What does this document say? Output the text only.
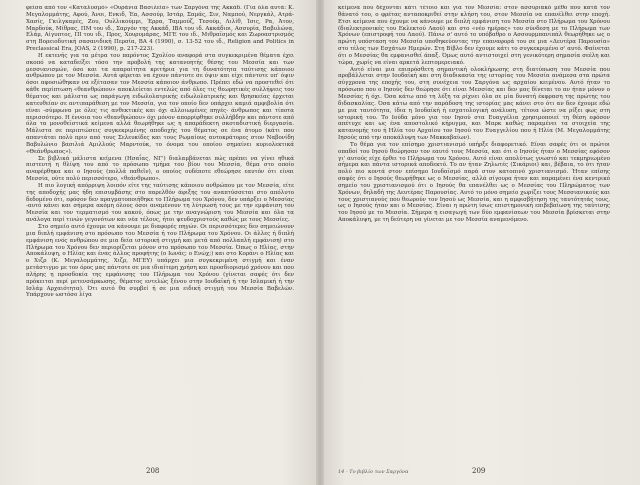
φείσα από τον «Καταλυσμό» «Ουράνια Βασιλεία» των Σαργόνα της Ακκάδ. (Για όλα αυτά: Κ. Μεγαλομμάτης, Αφού, Άνοι, Ενκιδ, Έα, Ασσούρ, Ιστάρ, Σαμάς, Σιν, Ναμπού, Νεργκάλ, Ατρά-Χασίς, Γκιλγκαμές, Ζου, Ουλλικούμμι, Έρρα, Ταμμούζ, Τεσούμ, Λιλίθ, Ίσις, Ρα, Άτον, Μαρδούκ, Μίθρας, ΠΜ του ιδ., Σαργόν της Ακκάδ, ΙΒΑ του ιδ. Ακκάδιοι, Ασσυρία, Βαβυλώνα, Ελάμ, Αίγυπτος, ΠΙ του ιδ., Προς, Χουρυμάρας, ΜΓΕ του ιδ., Μιθραϊσμός και Ζωροαστρισμός στη Βορειοδυτική σασανιδική Περσία, BA 4 (1990), σ. 13-52 του ιδ., Religion and Politics in Preclassical Era, JOAS, 2 (1990), p. 217-223).

Η εκτενής για τα μέτρα του παρόντος Σχολίου αναφορά στα συγκεκριμένα θέματα έχει σκοπό να καταδείξει τόσο την προβολή της κατανοητής θέσης του Μεσσία και των μεσσιανισμών, όσο και τα απαραίτητα κριτήρια για τη δυνατότητα ταύτισης κάποιου ανθρώπου με τον Μεσσία. Αυτά φέρεται να έχουν πάντοτε σε όψιν και είχε πάντοτε υπ' όψιν όσοι αφοσιώθηκαν να εξέτασαν τον Μεσσία κάποιον άνθρωπο. Πρέπει εδώ να προστεθεί ότι κάθε περίπτωση «θεανθρώπου» αποκλείεται εντελώς από όλες τις θεωρητικές συλλήψεις του θέματος και μάλιστα ως παράγωγη ειδωλολατρικής ειδωλολατρικής και θρησκείας έρχεται κατευθείαν σε αντιπαράθεση με τον Μεσσία, για τον οποίο δεν υπάρχει καμιά αμφιβολία ότι είναι -σύμφωνα με όλες τις ανθεκτικές και όχι αλλοιωμένες πηγές- άνθρωπος και τίποτα περισσότερο. Η έννοια του «θεανθρώπου» όχι μόνον απορρίφθηκε συλλήβδην και πάντοτε από όλα τα μονοθεϊστικά κείμενα αλλά θεωρήθηκε ως η απαράδεκτη σκοταδιστική διεργασία. Μάλιστα σε περιπτώσεις συγκεκριμένης αποδοχής του θέματος σε ένα άτομο (κάτι που απαντάται πολύ πριν από τους Σελευκίδες και τους Ρωμαίους αυτοκράτορες στον Ναβονίδη Βαβυλώνιο βασιλιά Αμιλλούς Μαρντούκ, το όνομα του οποίου σημαίνει κυριολεκτικά «Θεάνθρωπος»).

Σε βιβλικά μάλιστα κείμενα (Ησαΐας, ΝΓ') διαλαμβάνεται πώς πρέπει να γίνει ηθικά πιστευτή η θλίψη του από το πρόσωπο τμήμα του βίου του Μεσσία, θέμα στο οποίο αναφέρθηκα και ο Ιησούς (πολλά παθεῖν), ο οποίος ουδέποτε εθεώρησε εαυτόν ότι είναι Μεσσία, ούτε πολύ περισσότερο, «θεάνθρωπο».

Η πιο λογική απόρριψη λοιπόν είτε της ταύτισης κάποιου ανθρώπου με τον Μεσσία, είτε της αποδοχής μας ήδη επισυμβάσης στο παρελθόν άφιξης του αναπτύσσεται στο απόλυτο δεδομένο ότι, εφόσον δεν πραγματοποιήθηκε το Πλήρωμα του Χρόνου, δεν υπάρξει ο Μεσσίας -αυτό κάνει και σήμερα ακόμη όλους όσοι αναμένουν τη λύτρωσή τους με την εμφάνιση του Μεσσία και τον τερματισμό του κακού, όπως με την αναγνώριση του Μεσσία και όλα τα ανάλογα περί τινών γεγονότων και νέα τέλους, ήτοι ψευδοχριστούς καθώς με τους Μεσσίες.

Στο σημείο αυτό έχουμε να κάνουμε με διαφορές πηγών. Οι περισσότερες δεν σημειώνουν μια διπλή εμφάνιση στο πρόσωπο του Μεσσία ή του Πλήρωμα του Χρόνου. Οι άλλες ή διπλή εμφάνιση ενός ανθρώπου σε μια δεία ιστορική στιγμή και μετά από πολλαπλή εμφάνιση) στο Πλήρωμα του Χρόνου δεν περιορίζεται μόνον στο πρόσωπο του Μεσσία. Όπως ο Ηλίας, στην Αποκάλυψη, ο Ηλίας και ένας άλλος προφήτης (ο Ιωνάς; ο Ενώχ;) και στο Κοράνι ο Ηλίας και ο Χιζρ (Κ. Μεγαλομμάτης, Χιζρ, ΜΓΕΥ) υπάρχει μια συγκεκριμένη στιγμή και έναν μετάστιγμο με τον όρος μας πάντοτε σε μια ιδιαίτερη χρήση και προσδιορισμό χρόνου και που πλήρης η προσδοκία της εμφάνισης του Πλήρωμα του Χρόνου (γίνεται σαφές ότι δεν πρόκειται περί μετενσάρκωσης, θέματος εντελώς ξένου στην Ιουδαϊκή ή την Ισλαμική ή την Ισλάμ Αρχαιότητα). Ότι αυτό θα συμβεί ή σε μια ειδική στιγμή του Μεσσία Βαβελών. Υπάρχουν ωστόσο λίγα

208

κείμενα που δέχονται κάτι τέτοιο και για τον Μεσσία: στον ασσυριακό μέθο που κατά τον θάνατό του, ο φρέτας ανταποκριθεί στην κλήση του, στον Μεσσία να επανέλθει στην εποχή. Ετσι κείμενα που έχουμε να κάνουμε με διπλή εμφάνιση του Μεσσία στο Πλήρωμα του Χρόνου (διαλεκτρονικές του Εκλεκτού Λαού) και στο «νέο ημέρας» του σύνδεση με το Πλήρωμα των Χρόνων (επιστροφή του Λαού). Πάνω σ' αυτό το υπόβαθρο ο Ασσουρμπανιπάλ θεωρήθηκε ως ο πρώτη υπόσταση του Μεσσία υποθηκεύοντας την επαναφορά του σε μια «Δευτέρα Παρουσία» στο τέλος των Εσχάτων Ημερών. Στη Βίβλο δεν έχουμε κάτι το συγκεκριμένο σ' αυτό. Φαίνεται ότι ο Μεσσίας θα εμφανισθεί άπαξ. Όμως αυτό αντιστοιχεί στη γενικότερη σημασία σεέλη και τώρα, χωρίς να είναι αρκετά λεπτομερειακό.

Αυτό είναι μια επιπρόσθετη σημαντική ολοκλήρωσης στη διατύπωση του Μεσσία που προβάλλεται στην Ιουδαϊκή και στη διαδικασία της ιστορίας του Μεσσία ανάμεσα στα πρώτα σύγχρονα της εποχής του, στη συνέχεια του Σαργόνα ως αρχαίου κειμένου. Αυτό ήταν το πρόσωπο που ο Ιησούς δεν θεώρησε ότι είναι Μεσσίας και δεν μας δίνεται το αν ήταν μόνον ο Μεσσίας ή όχι. Όσα κάτω από τη λέξη τα ρίχνει όλα σε μία δυνατή έκφραση της πρώτης του διδασκαλίας. Όσα κάτω από την παράδοση της ιστορίας μας κάνει στο ότι αν δεν έχουμε εδώ με μια ταυτότητα, ίδια η Ιουδαϊκή ή εσχατολογική ανάλυση, τέτοια ώστε να ρίξει φως στη ιστορική του. Το Ιούδα μόνο για τον Ιησού στα Ευαγγέλια χρησιμοποιεί τη θέση εφόσον απέτυχε και ως ένα αποστολικό κήρυγμα, και Μαρκ καθώς παραμένει τα στοιχεία της κατανομής του ή Ηλία του Αρχαίου τον Ιησού του Ευαγγελίου που ή Ηλία (Μ. Μεγαλομμάτης Ιησούς από την αποκάλυψη των Μακκαβαίων).

Το θέμα για τον επίσημο χριστιανισμό υπήρξε διαφορετικό. Είναι σαφές ότι οι πρώτοι οπαδοί του Ιησού θεώρησαν τον εαυτό τους Μεσσία, και ότι ο Ιησούς ήταν ο Μεσσίας εφόσον γι' αυτούς είχε έρθει το Πλήρωμα του Χρόνου. Αυτό είναι απολύτως γνωστό και τεκμηριωμένο σήμερα και πάντα ιστορικά αποδεκτό. Το αν ήταν Ζηλωτές (Σικάριοι) και, βέβαια, το ότι ήταν πολύ πιο κοντά στον επίσημο Ιουδαϊσμό παρά στον κατοπινό χριστιανισμό. Ήταν επίσης σαφές ότι ο Ιησούς θεωρήθηκε ως ο Μεσσίας, αλλά σίγουρα ήταν και παραμένει ένα κεντρικό σημείο του χριστιανισμού ότι ο Ιησούς θα επανέλθει ως ο Μεσσίας του Πληρώματος των Χρόνων, δηλαδή της Δευτέρας Παρουσίας. Αυτό το μόνο σημείο χωρίζει τους Μεσσιανικούς και τους χριστιανούς που θεωρούν τον Ιησού ως Μεσσία, και η αμφισβήτηση της ταυτότητάς τους, ως ο Ιησούς ήταν και ο Μεσσίας. Είναι η πρώτη ίσως επιστημονική επιβεβαίωση της ταύτισης του Ιησού με το Μεσσία. Σήμερα η εισαγωγή των δύο εμφανίσεων του Μεσσία βρίσκεται στην Αποκάλυψη, με τη δεύτερη να γίνεται με τον Μεσσία αναμενόμενο.

14 - Το βιβλίο των Σαργόνα	209
